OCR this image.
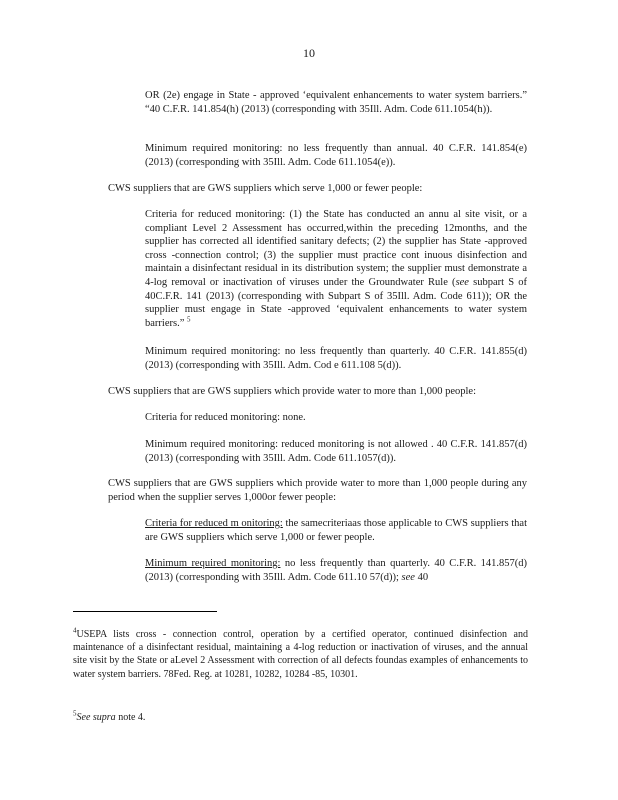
10

OR (2e) engage in State - approved ‘equivalent enhancements to water system barriers.” “40 C.F.R. 141.854(h) (2013) (corresponding with 35Ill. Adm. Code 611.1054(h)).

Minimum required monitoring: no less frequently than annual. 40 C.F.R. 141.854(e) (2013) (corresponding with 35Ill. Adm. Code 611.1054(e)).

CWS suppliers that are GWS suppliers which serve 1,000 or fewer people:

Criteria for reduced monitoring: (1) the State has conducted an annu al site visit, or a compliant Level 2 Assessment has occurred,within the preceding 12months, and the supplier has corrected all identified sanitary defects; (2) the supplier has State -approved cross -connection control; (3) the supplier must practice cont inuous disinfection and maintain a disinfectant residual in its distribution system; the supplier must demonstrate a 4-log removal or inactivation of viruses under the Groundwater Rule (see subpart S of 40C.F.R. 141 (2013) (corresponding with Subpart S of 35Ill. Adm. Code 611)); OR the supplier must engage in State -approved ‘equivalent enhancements to water system barriers.” $^5$

Minimum required monitoring: no less frequently than quarterly. 40 C.F.R. 141.855(d) (2013) (corresponding with 35Ill. Adm. Cod e 611.108 5(d)).

CWS suppliers that are GWS suppliers which provide water to more than 1,000 people:

Criteria for reduced monitoring: none.

Minimum required monitoring: reduced monitoring is not allowed . 40 C.F.R. 141.857(d) (2013) (corresponding with 35Ill. Adm. Code 611.1057(d)).

CWS suppliers that are GWS suppliers which provide water to more than 1,000 people during any period when the supplier serves 1,000or fewer people:

Criteria for reduced m onitoring: the samecriteriaas those applicable to CWS suppliers that are GWS suppliers which serve 1,000 or fewer people.

Minimum required monitoring: no less frequently than quarterly. 40 C.F.R. 141.857(d) (2013) (corresponding with 35Ill. Adm. Code 611.10 57(d)); see 40

$^4$USEPA lists cross - connection control, operation by a certified operator, continued disinfection and maintenance of a disinfectant residual, maintaining a 4-log reduction or inactivation of viruses, and the annual site visit by the State or aLevel 2 Assessment with correction of all defects foundas examples of enhancements to water system barriers. 78Fed. Reg. at 10281, 10282, 10284 -85, 10301.

$^5$See supra note 4.
